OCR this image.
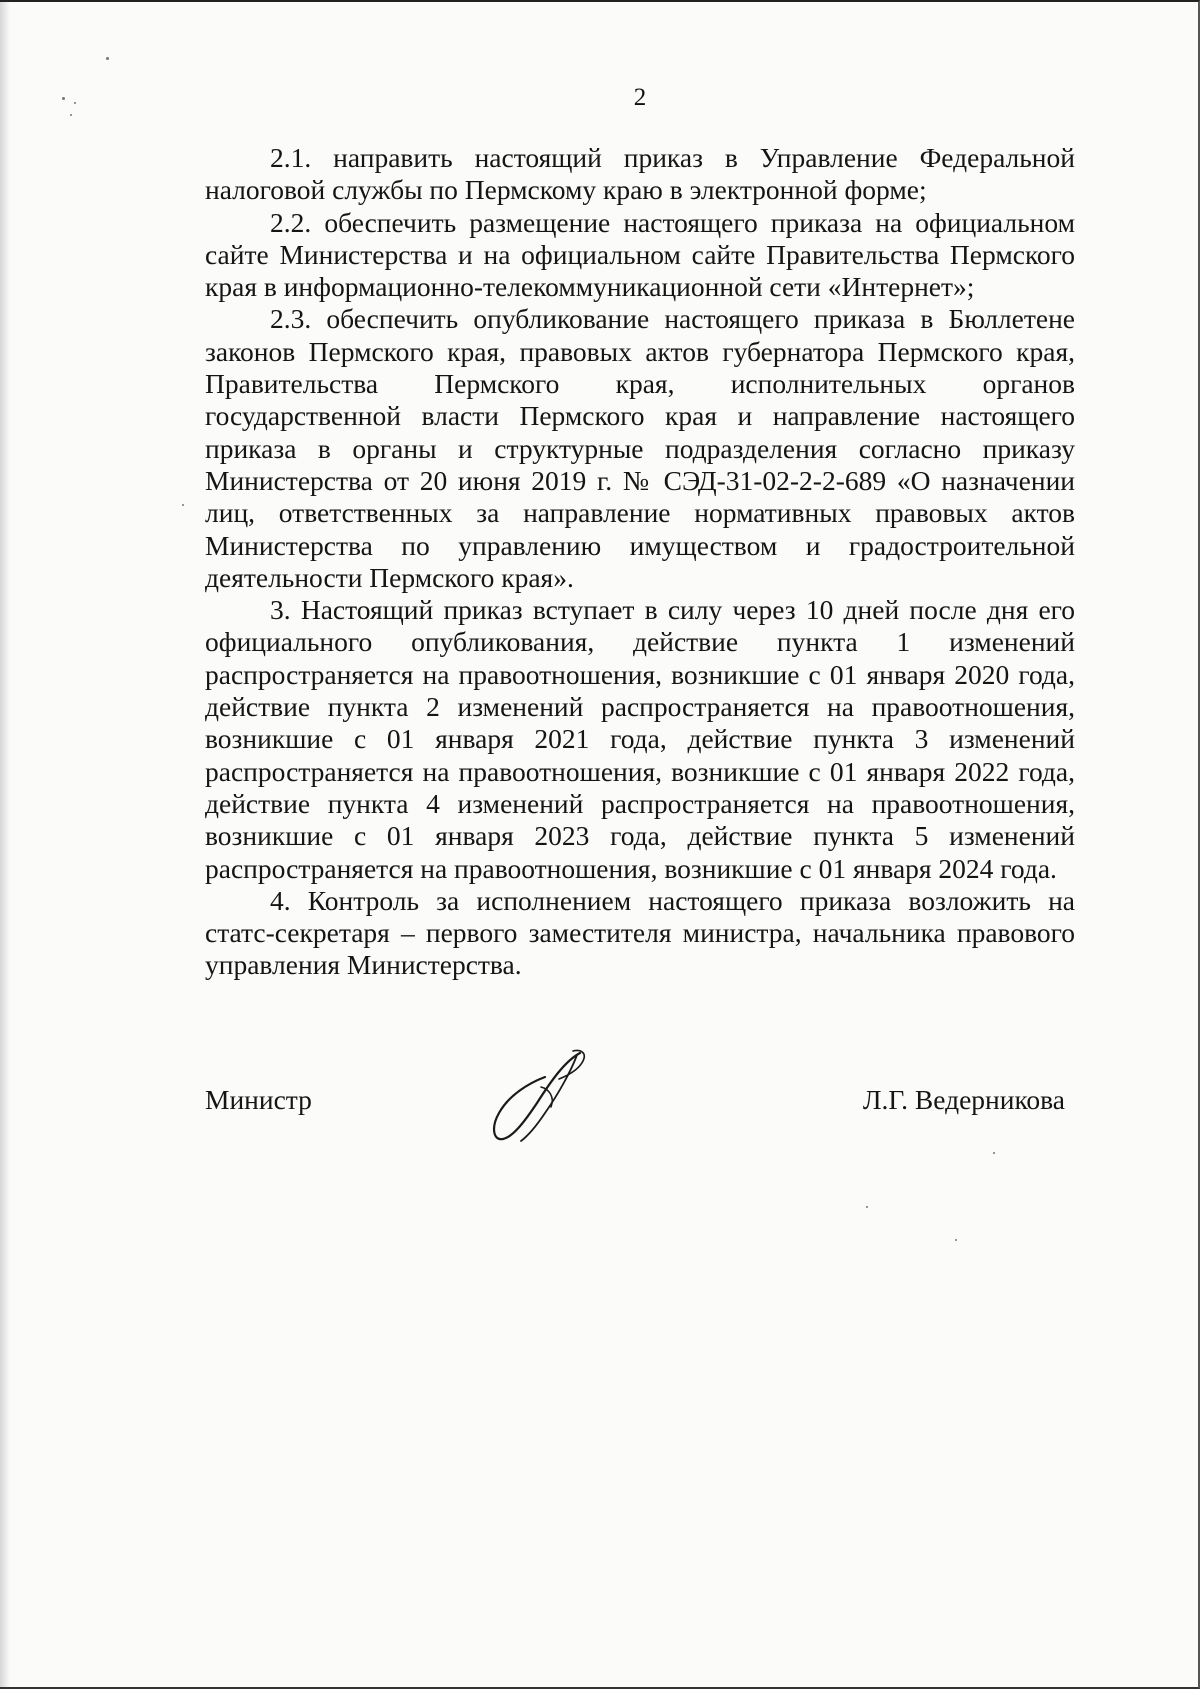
2

2.1. направить настоящий приказ в Управление Федеральной налоговой службы по Пермскому краю в электронной форме;

2.2. обеспечить размещение настоящего приказа на официальном сайте Министерства и на официальном сайте Правительства Пермского края в информационно-телекоммуникационной сети «Интернет»;

2.3. обеспечить опубликование настоящего приказа в Бюллетене законов Пермского края, правовых актов губернатора Пермского края, Правительства Пермского края, исполнительных органов государственной власти Пермского края и направление настоящего приказа в органы и структурные подразделения согласно приказу Министерства от 20 июня 2019 г. № СЭД-31-02-2-2-689 «О назначении лиц, ответственных за направление нормативных правовых актов Министерства по управлению имуществом и градостроительной деятельности Пермского края».

3. Настоящий приказ вступает в силу через 10 дней после дня его официального опубликования, действие пункта 1 изменений распространяется на правоотношения, возникшие с 01 января 2020 года, действие пункта 2 изменений распространяется на правоотношения, возникшие с 01 января 2021 года, действие пункта 3 изменений распространяется на правоотношения, возникшие с 01 января 2022 года, действие пункта 4 изменений распространяется на правоотношения, возникшие с 01 января 2023 года, действие пункта 5 изменений распространяется на правоотношения, возникшие с 01 января 2024 года.

4. Контроль за исполнением настоящего приказа возложить на статс-секретаря – первого заместителя министра, начальника правового управления Министерства.

Министр	Л.Г. Ведерникова
